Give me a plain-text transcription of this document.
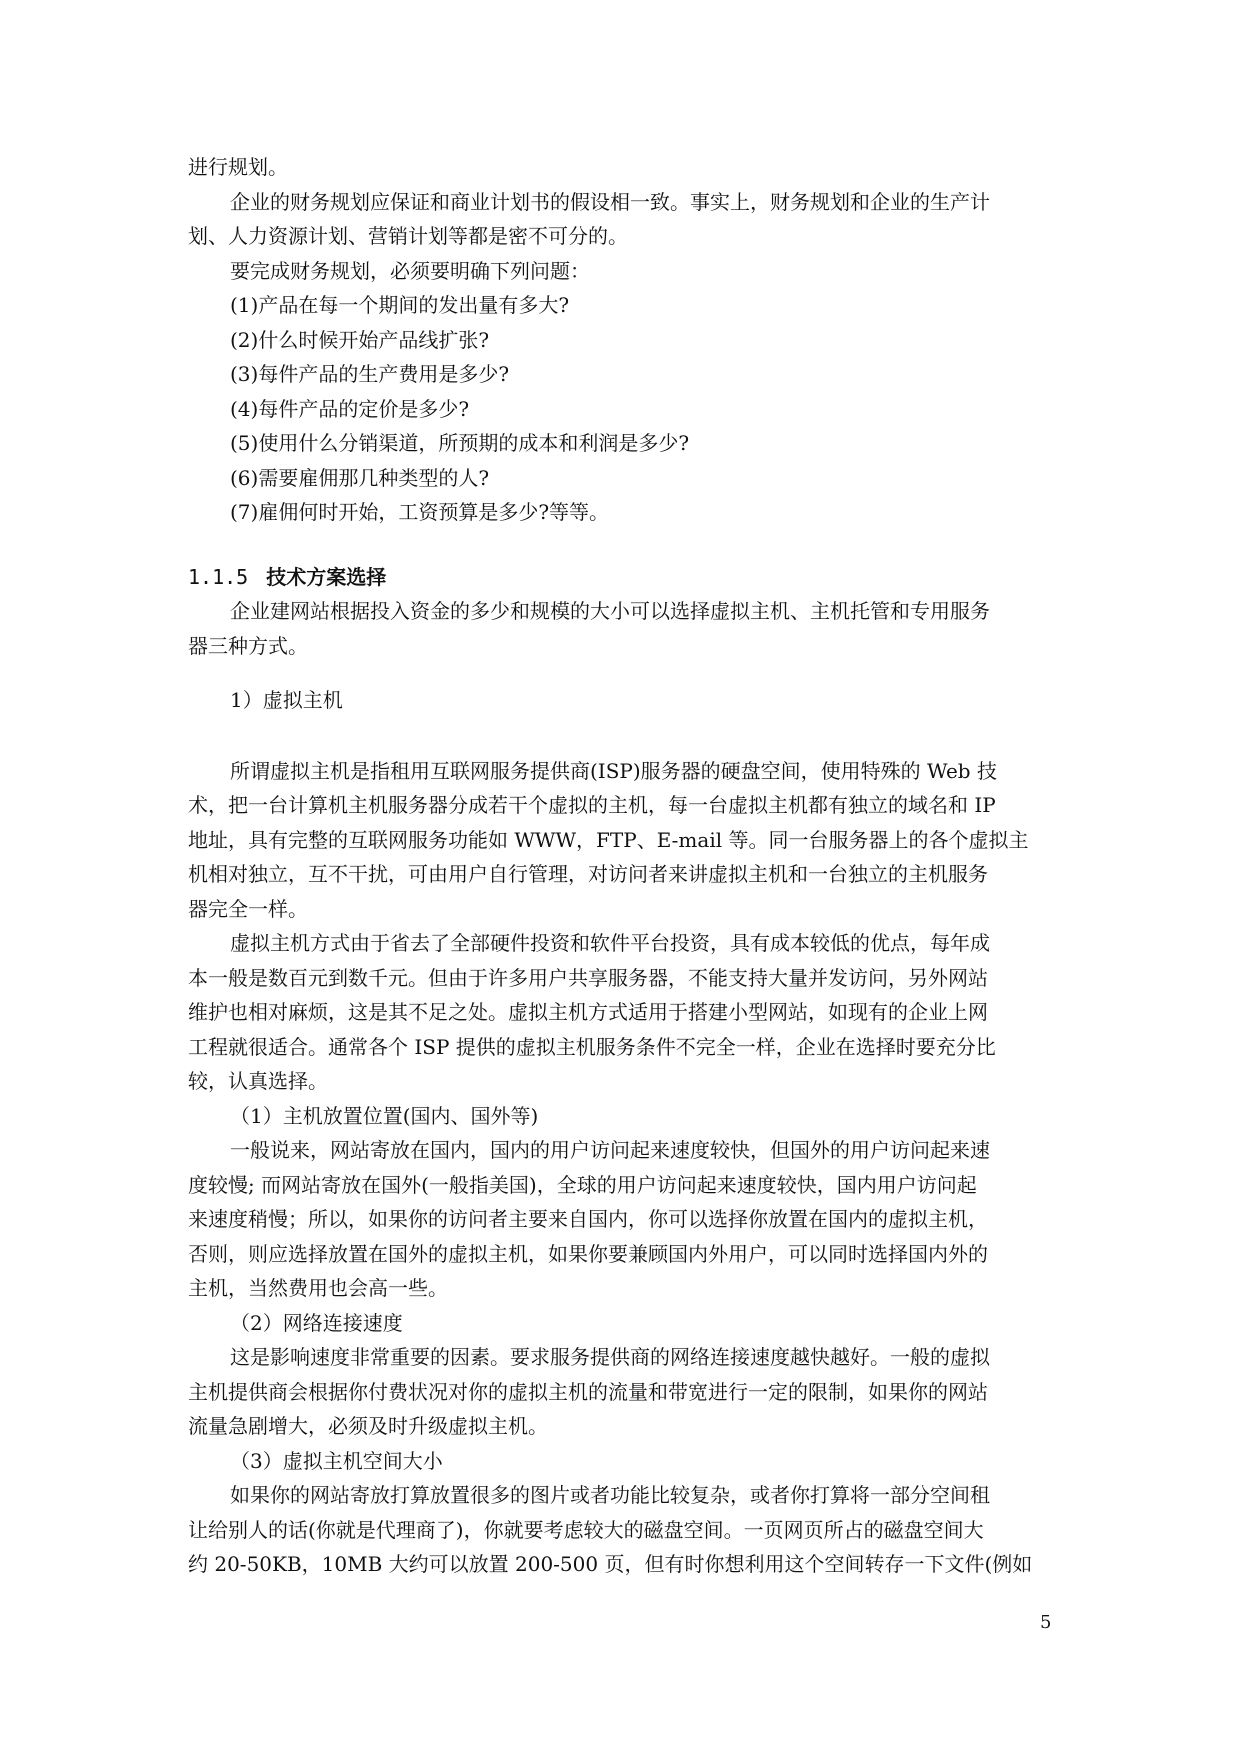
进行规划。

企业的财务规划应保证和商业计划书的假设相一致。事实上，财务规划和企业的生产计

划、人力资源计划、营销计划等都是密不可分的。

要完成财务规划，必须要明确下列问题：

(1)产品在每一个期间的发出量有多大?

(2)什么时候开始产品线扩张?

(3)每件产品的生产费用是多少?

(4)每件产品的定价是多少?

(5)使用什么分销渠道，所预期的成本和利润是多少?

(6)需要雇佣那几种类型的人?

(7)雇佣何时开始，工资预算是多少?等等。

1.1.5 技术方案选择

企业建网站根据投入资金的多少和规模的大小可以选择虚拟主机、主机托管和专用服务

器三种方式。

1）虚拟主机

所谓虚拟主机是指租用互联网服务提供商(ISP)服务器的硬盘空间，使用特殊的 Web 技

术，把一台计算机主机服务器分成若干个虚拟的主机，每一台虚拟主机都有独立的域名和 IP

地址，具有完整的互联网服务功能如 WWW，FTP、E-mail 等。同一台服务器上的各个虚拟主

机相对独立，互不干扰，可由用户自行管理，对访问者来讲虚拟主机和一台独立的主机服务

器完全一样。

虚拟主机方式由于省去了全部硬件投资和软件平台投资，具有成本较低的优点，每年成

本一般是数百元到数千元。但由于许多用户共享服务器，不能支持大量并发访问，另外网站

维护也相对麻烦，这是其不足之处。虚拟主机方式适用于搭建小型网站，如现有的企业上网

工程就很适合。通常各个 ISP 提供的虚拟主机服务条件不完全一样，企业在选择时要充分比

较，认真选择。

（1）主机放置位置(国内、国外等)

一般说来，网站寄放在国内，国内的用户访问起来速度较快，但国外的用户访问起来速

度较慢; 而网站寄放在国外(一般指美国)，全球的用户访问起来速度较快，国内用户访问起

来速度稍慢；所以，如果你的访问者主要来自国内，你可以选择你放置在国内的虚拟主机，

否则，则应选择放置在国外的虚拟主机，如果你要兼顾国内外用户，可以同时选择国内外的

主机，当然费用也会高一些。

（2）网络连接速度

这是影响速度非常重要的因素。要求服务提供商的网络连接速度越快越好。一般的虚拟

主机提供商会根据你付费状况对你的虚拟主机的流量和带宽进行一定的限制，如果你的网站

流量急剧增大，必须及时升级虚拟主机。

（3）虚拟主机空间大小

如果你的网站寄放打算放置很多的图片或者功能比较复杂，或者你打算将一部分空间租

让给别人的话(你就是代理商了)，你就要考虑较大的磁盘空间。一页网页所占的磁盘空间大

约 20-50KB，10MB 大约可以放置 200-500 页，但有时你想利用这个空间转存一下文件(例如

5
